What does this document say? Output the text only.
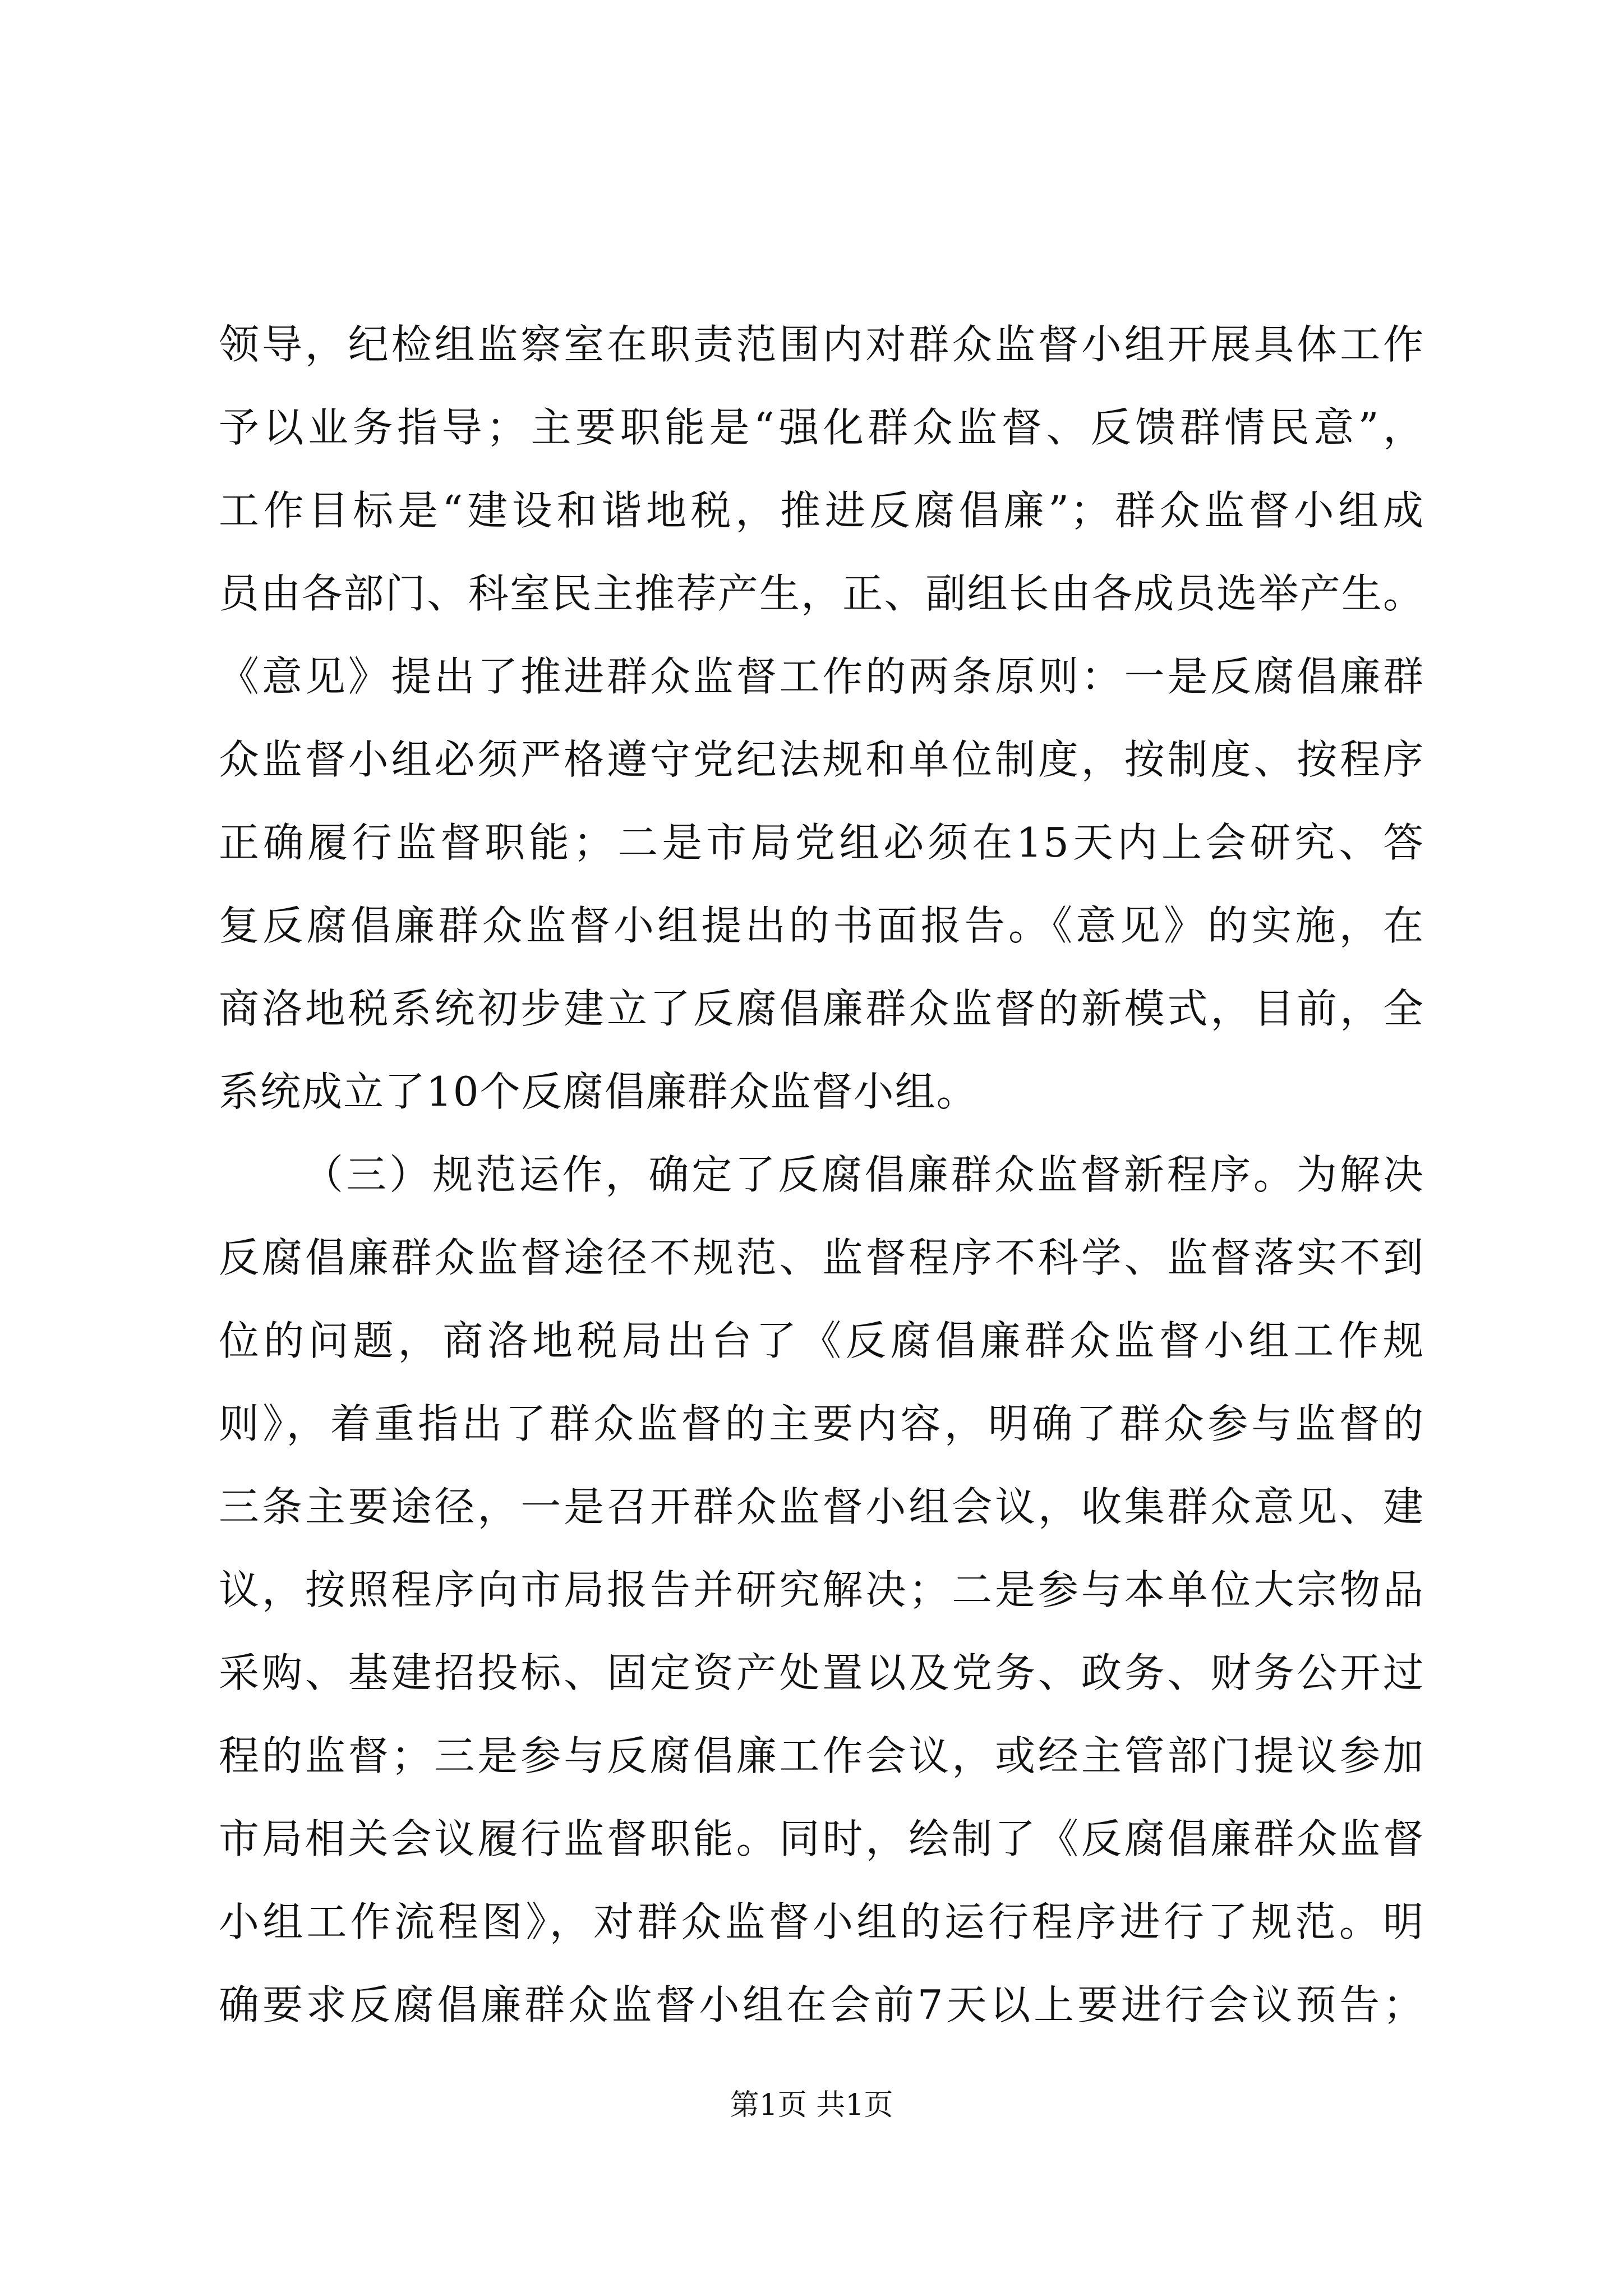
领导，纪检组监察室在职责范围内对群众监督小组开展具体工作
予以业务指导；主要职能是“强化群众监督、反馈群情民意”，
工作目标是“建设和谐地税，推进反腐倡廉”；群众监督小组成
员由各部门、科室民主推荐产生，正、副组长由各成员选举产生。
《意见》提出了推进群众监督工作的两条原则：一是反腐倡廉群
众监督小组必须严格遵守党纪法规和单位制度，按制度、按程序
正确履行监督职能；二是市局党组必须在15天内上会研究、答
复反腐倡廉群众监督小组提出的书面报告。《意见》的实施，在
商洛地税系统初步建立了反腐倡廉群众监督的新模式，目前，全
系统成立了10个反腐倡廉群众监督小组。
（三）规范运作，确定了反腐倡廉群众监督新程序。为解决
反腐倡廉群众监督途径不规范、监督程序不科学、监督落实不到
位的问题，商洛地税局出台了《反腐倡廉群众监督小组工作规
则》，着重指出了群众监督的主要内容，明确了群众参与监督的
三条主要途径，一是召开群众监督小组会议，收集群众意见、建
议，按照程序向市局报告并研究解决；二是参与本单位大宗物品
采购、基建招投标、固定资产处置以及党务、政务、财务公开过
程的监督；三是参与反腐倡廉工作会议，或经主管部门提议参加
市局相关会议履行监督职能。同时，绘制了《反腐倡廉群众监督
小组工作流程图》，对群众监督小组的运行程序进行了规范。明
确要求反腐倡廉群众监督小组在会前7天以上要进行会议预告；
第1页 共1页
